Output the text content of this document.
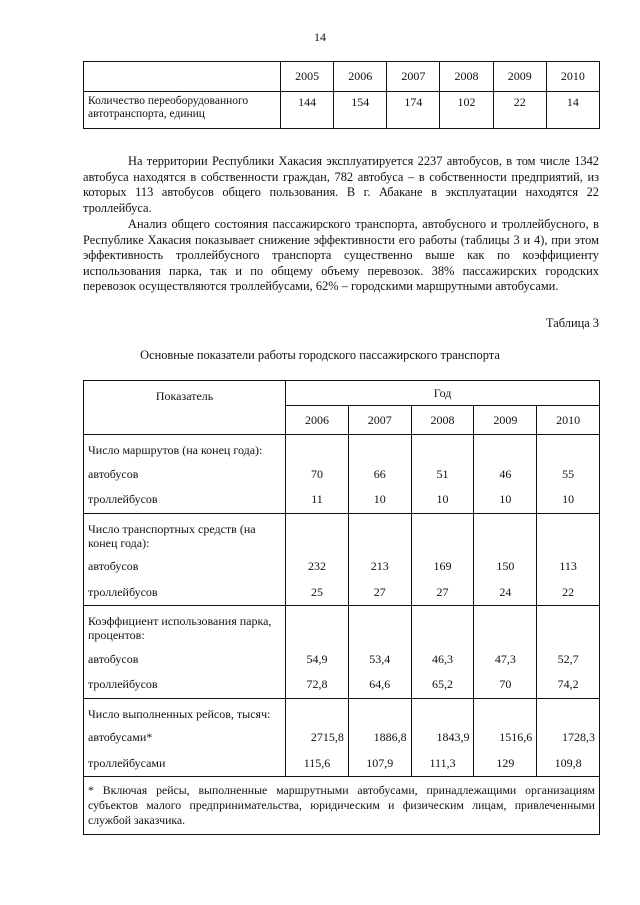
14
	2005	2006	2007	2008	2009	2010
Количество переоборудованного автотранспорта, единиц	144	154	174	102	22	14

На территории Республики Хакасия эксплуатируется 2237 автобусов, в том числе 1342 автобуса находятся в собственности граждан, 782 автобуса – в собственности предприятий, из которых 113 автобусов общего пользования. В г. Абакане в эксплуатации находятся 22 троллейбуса.

Анализ общего состояния пассажирского транспорта, автобусного и троллейбусного, в Республике Хакасия показывает снижение эффективности его работы (таблицы 3 и 4), при этом эффективность троллейбусного транспорта существенно выше как по коэффициенту использования парка, так и по общему объему перевозок. 38% пассажирских городских перевозок осуществляются троллейбусами, 62% – городскими маршрутными автобусами.

Таблица 3
Основные показатели работы городского пассажирского транспорта
Показатель	Год				
	2006	2007	2008	2009	2010
Число маршрутов (на конец года):					
автобусов	70	66	51	46	55
троллейбусов	11	10	10	10	10
Число транспортных средств (на конец года):					
автобусов	232	213	169	150	113
троллейбусов	25	27	27	24	22
Коэффициент использования парка, процентов:					
автобусов	54,9	53,4	46,3	47,3	52,7
троллейбусов	72,8	64,6	65,2	70	74,2
Число выполненных рейсов, тысяч:					
автобусами*	2715,8	1886,8	1843,9	1516,6	1728,3
троллейбусами	115,6	107,9	111,3	129	109,8
* Включая рейсы, выполненные маршрутными автобусами, принадлежащими организациям субъектов малого предпринимательства, юридическим и физическим лицам, привлеченными службой заказчика.					
